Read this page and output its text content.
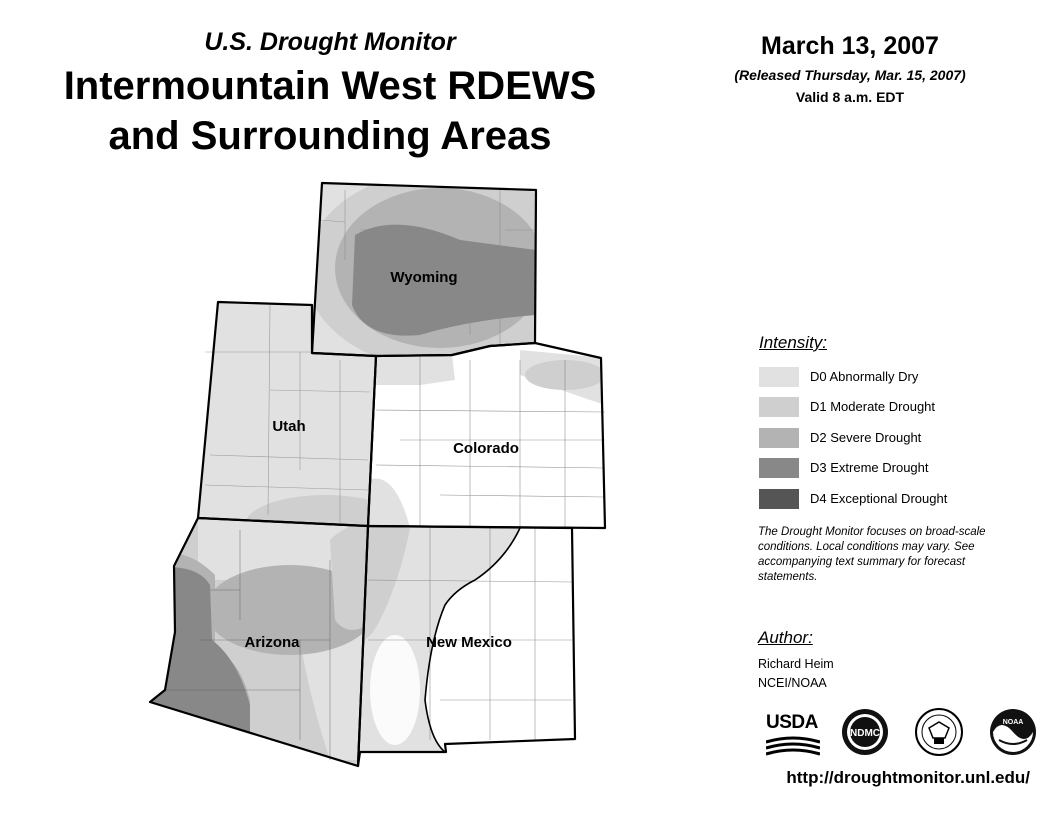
U.S. Drought Monitor
Intermountain West RDEWS
and Surrounding Areas
March 13, 2007
(Released Thursday, Mar. 15, 2007)
Valid 8 a.m. EDT
Wyoming
Utah
Colorado
Arizona	New Mexico
Intensity:
D0 Abnormally Dry
D1 Moderate Drought
D2 Severe Drought
D3 Extreme Drought
D4 Exceptional Drought
The Drought Monitor focuses on broad-scale conditions. Local conditions may vary. See accompanying text summary for forecast statements.
Author:
Richard Heim
NCEI/NOAA
USDA
NDMC
NOAA
http://droughtmonitor.unl.edu/
